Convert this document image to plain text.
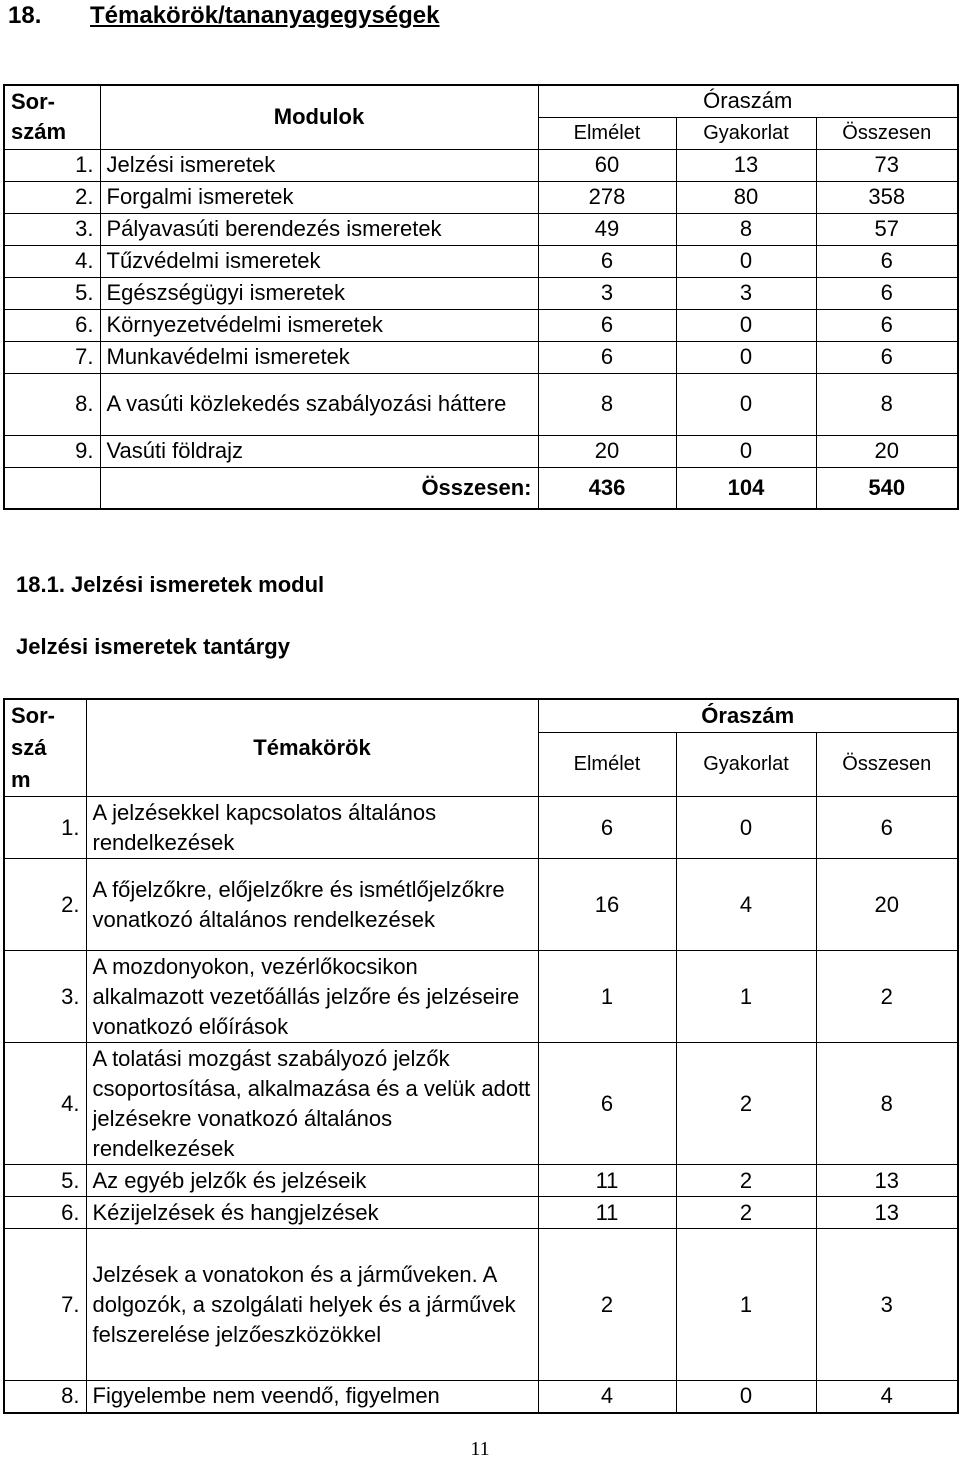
18. Témakörök/tananyagegységek
Sor-
szám	Modulok	Óraszám		
		Elmélet	Gyakorlat	Összesen
1.	Jelzési ismeretek	60	13	73
2.	Forgalmi ismeretek	278	80	358
3.	Pályavasúti berendezés ismeretek	49	8	57
4.	Tűzvédelmi ismeretek	6	0	6
5.	Egészségügyi ismeretek	3	3	6
6.	Környezetvédelmi ismeretek	6	0	6
7.	Munkavédelmi ismeretek	6	0	6
8.	A vasúti közlekedés szabályozási háttere	8	0	8
9.	Vasúti földrajz	20	0	20
	Összesen:	436	104	540
18.1. Jelzési ismeretek modul
Jelzési ismeretek tantárgy
Sor-
szá
m	Témakörök	Óraszám		
		Elmélet	Gyakorlat	Összesen
1.	A jelzésekkel kapcsolatos általános rendelkezések	6	0	6
2.	A főjelzőkre, előjelzőkre és ismétlőjelzőkre vonatkozó általános rendelkezések	16	4	20
3.	A mozdonyokon, vezérlőkocsikon alkalmazott vezetőállás jelzőre és jelzéseire vonatkozó előírások	1	1	2
4.	A tolatási mozgást szabályozó jelzők csoportosítása, alkalmazása és a velük adott jelzésekre vonatkozó általános rendelkezések	6	2	8
5.	Az egyéb jelzők és jelzéseik	11	2	13
6.	Kézijelzések és hangjelzések	11	2	13
7.	Jelzések a vonatokon és a járműveken. A dolgozók, a szolgálati helyek és a járművek felszerelése jelzőeszközökkel	2	1	3
8.	Figyelembe nem veendő, figyelmen	4	0	4
11
